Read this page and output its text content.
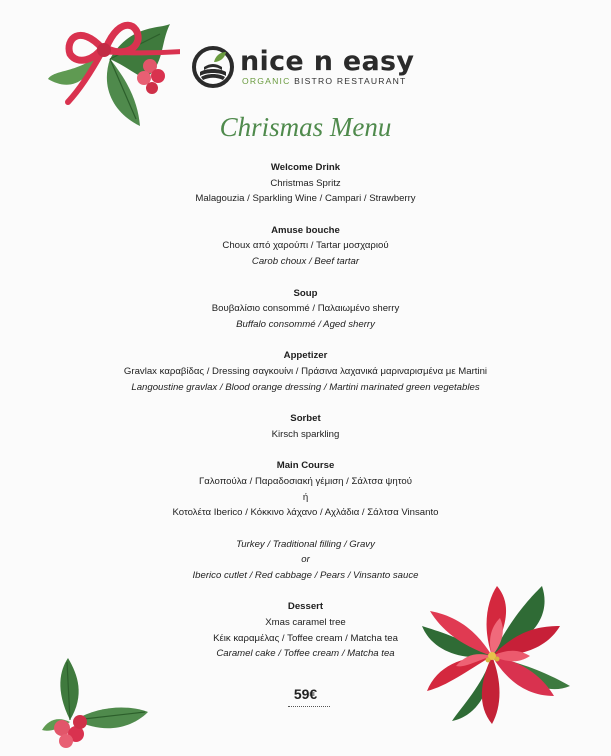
nice n easy
ORGANIC BISTRO RESTAURANT
Chrismas Menu
Welcome Drink
Christmas Spritz
Malagouzia / Sparkling Wine / Campari / Strawberry
Amuse bouche
Choux από χαρούπι / Tartar μοσχαριού
Carob choux / Beef tartar
Soup
Βουβαλίσιο consommé / Παλαιωμένο sherry
Buffalo consommé / Aged sherry
Appetizer
Gravlax καραβίδας / Dressing σαγκουίνι / Πράσινα λαχανικά μαριναρισμένα με Martini
Langoustine gravlax / Blood orange dressing / Martini marinated green vegetables
Sorbet
Kirsch sparkling
Main Course
Γαλοπούλα / Παραδοσιακή γέμιση / Σάλτσα ψητού
ή
Κοτολέτα Iberico / Κόκκινο λάχανο / Αχλάδια / Σάλτσα Vinsanto
Turkey / Traditional filling / Gravy
or
Iberico cutlet / Red cabbage / Pears / Vinsanto sauce
Dessert
Xmas caramel tree
Κέικ καραμέλας / Toffee cream / Matcha tea
Caramel cake / Toffee cream / Matcha tea
59€
